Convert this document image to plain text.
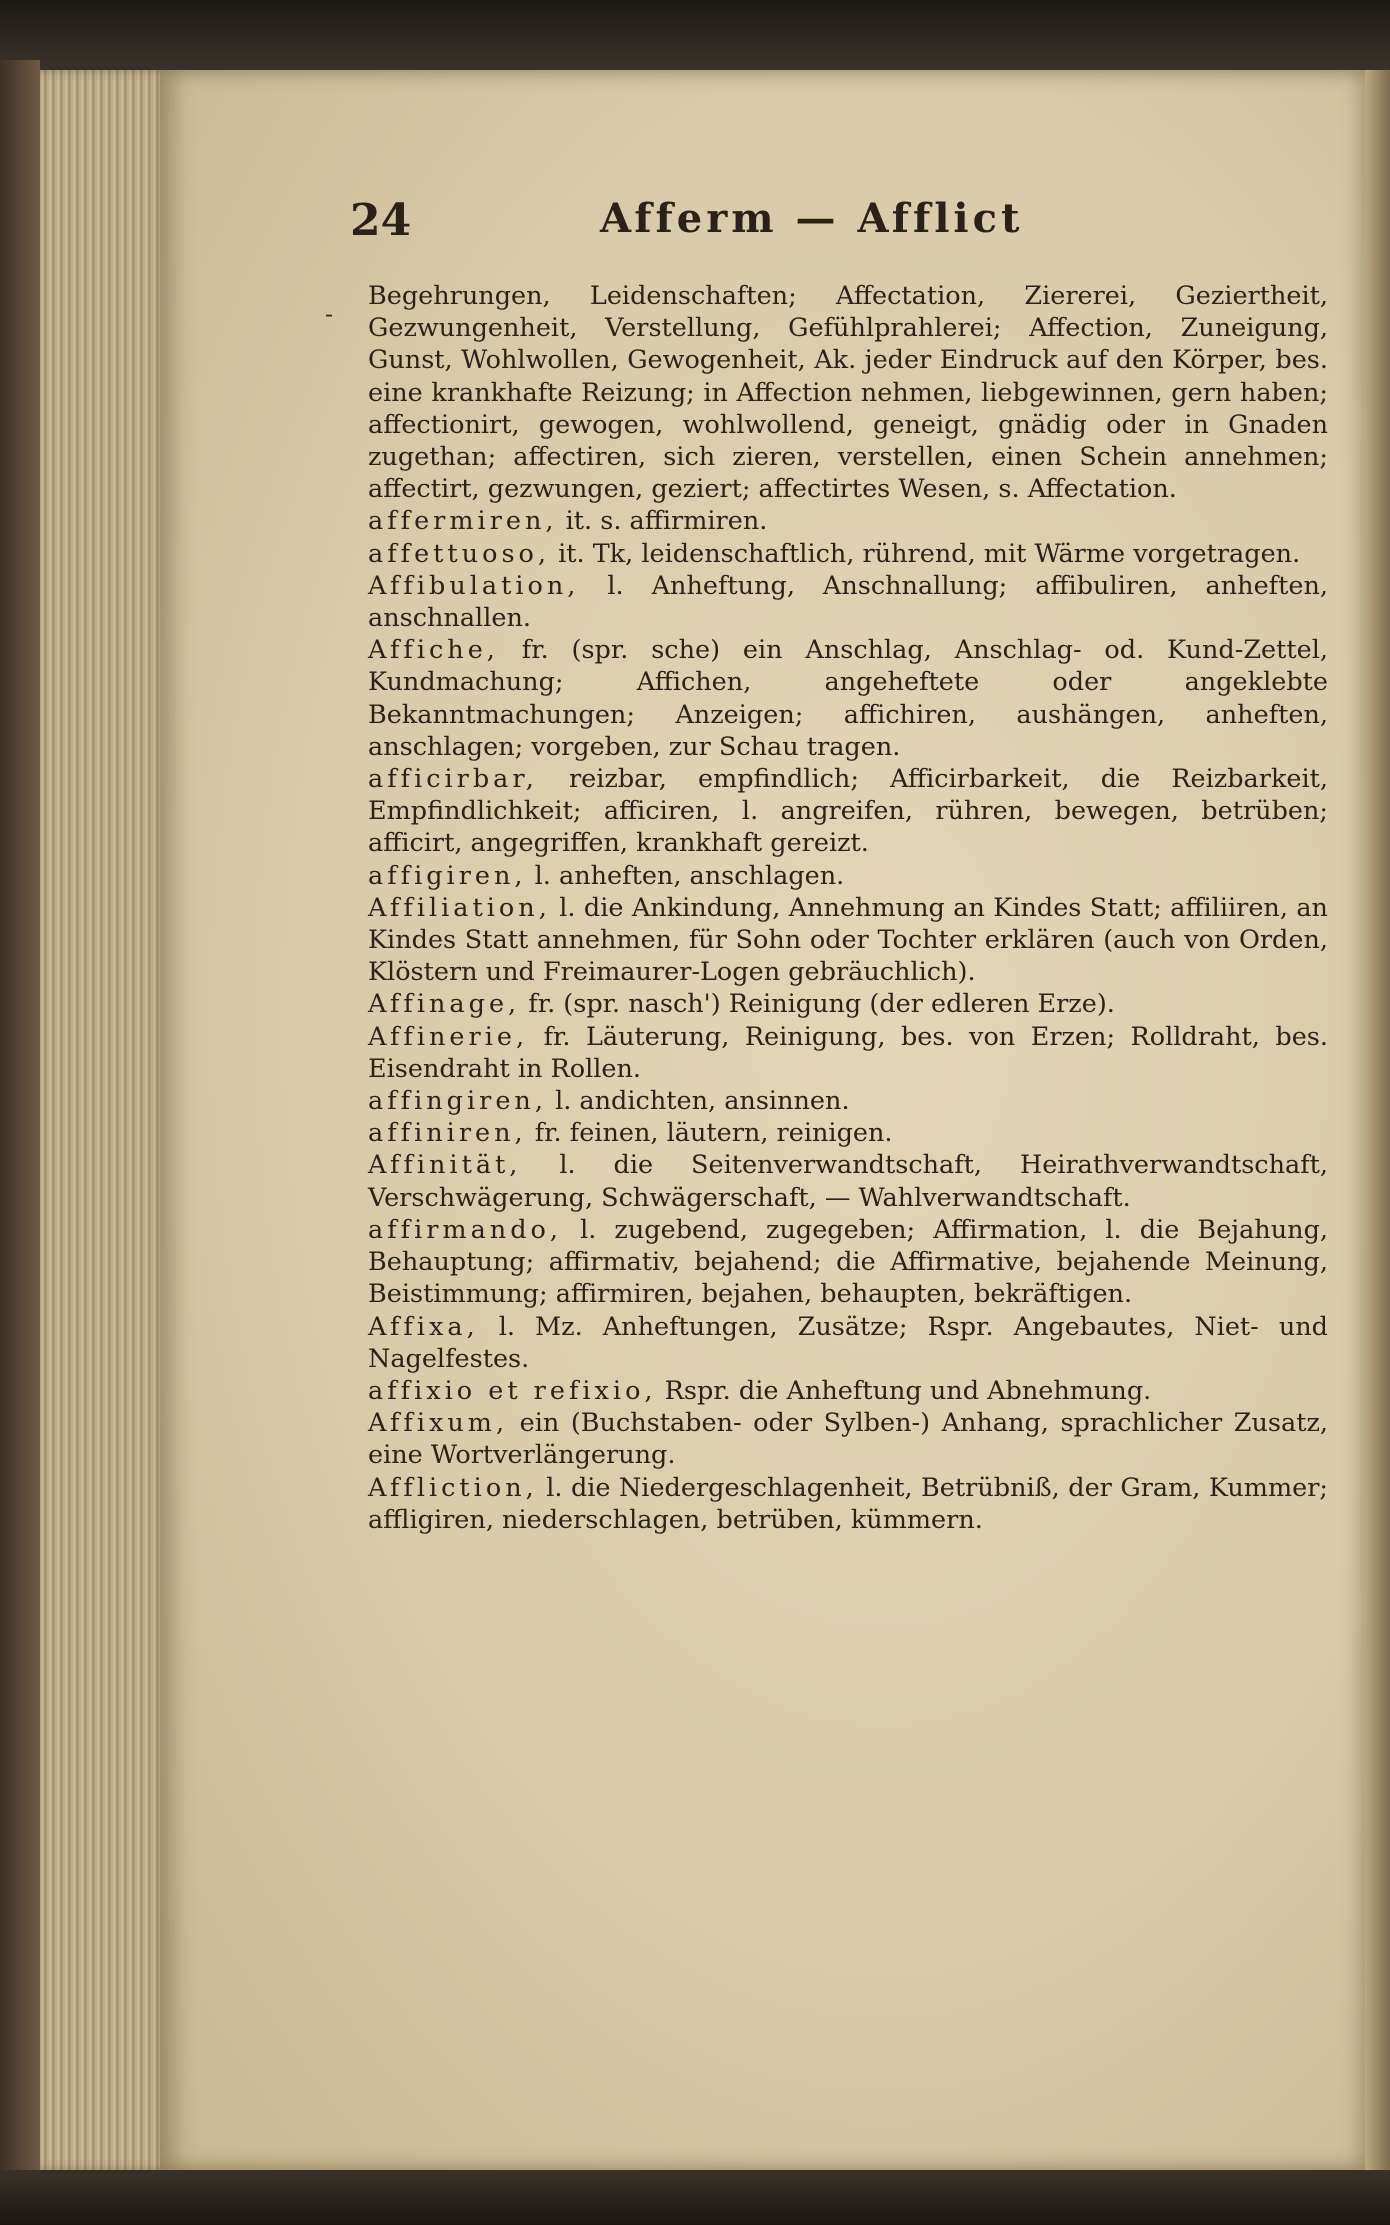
24	Afferm — Afflict
-

Begehrungen, Leidenschaften; Affectation, Ziererei, Geziertheit, Gezwungenheit, Verstellung, Gefühlprahlerei; Affection, Zuneigung, Gunst, Wohlwollen, Gewogenheit, Ak. jeder Eindruck auf den Körper, bes. eine krankhafte Reizung; in Affection nehmen, liebgewinnen, gern haben; affectionirt, gewogen, wohlwollend, geneigt, gnädig oder in Gnaden zugethan; affectiren, sich zieren, verstellen, einen Schein annehmen; affectirt, gezwungen, geziert; affectirtes Wesen, s. Affectation.

affermiren, it. s. affirmiren.

affettuoso, it. Tk, leidenschaftlich, rührend, mit Wärme vorgetragen.

Affibulation, l. Anheftung, Anschnallung; affibuliren, anheften, anschnallen.

Affiche, fr. (spr. sche) ein Anschlag, Anschlag- od. Kund-Zettel, Kundmachung; Affichen, angeheftete oder angeklebte Bekanntmachungen; Anzeigen; affichiren, aushängen, anheften, anschlagen; vorgeben, zur Schau tragen.

afficirbar, reizbar, empfindlich; Afficirbarkeit, die Reizbarkeit, Empfindlichkeit; afficiren, l. angreifen, rühren, bewegen, betrüben; afficirt, angegriffen, krankhaft gereizt.

affigiren, l. anheften, anschlagen.

Affiliation, l. die Ankindung, Annehmung an Kindes Statt; affiliiren, an Kindes Statt annehmen, für Sohn oder Tochter erklären (auch von Orden, Klöstern und Freimaurer-Logen gebräuchlich).

Affinage, fr. (spr. nasch') Reinigung (der edleren Erze).

Affinerie, fr. Läuterung, Reinigung, bes. von Erzen; Rolldraht, bes. Eisendraht in Rollen.

affingiren, l. andichten, ansinnen.

affiniren, fr. feinen, läutern, reinigen.

Affinität, l. die Seitenverwandtschaft, Heirathverwandtschaft, Verschwägerung, Schwägerschaft, — Wahlverwandtschaft.

affirmando, l. zugebend, zugegeben; Affirmation, l. die Bejahung, Behauptung; affirmativ, bejahend; die Affirmative, bejahende Meinung, Beistimmung; affirmiren, bejahen, behaupten, bekräftigen.

Affixa, l. Mz. Anheftungen, Zusätze; Rspr. Angebautes, Niet- und Nagelfestes.

affixio et refixio, Rspr. die Anheftung und Abnehmung.

Affixum, ein (Buchstaben- oder Sylben-) Anhang, sprachlicher Zusatz, eine Wortverlängerung.

Affliction, l. die Niedergeschlagenheit, Betrübniß, der Gram, Kummer; affligiren, niederschlagen, betrüben, kümmern.
